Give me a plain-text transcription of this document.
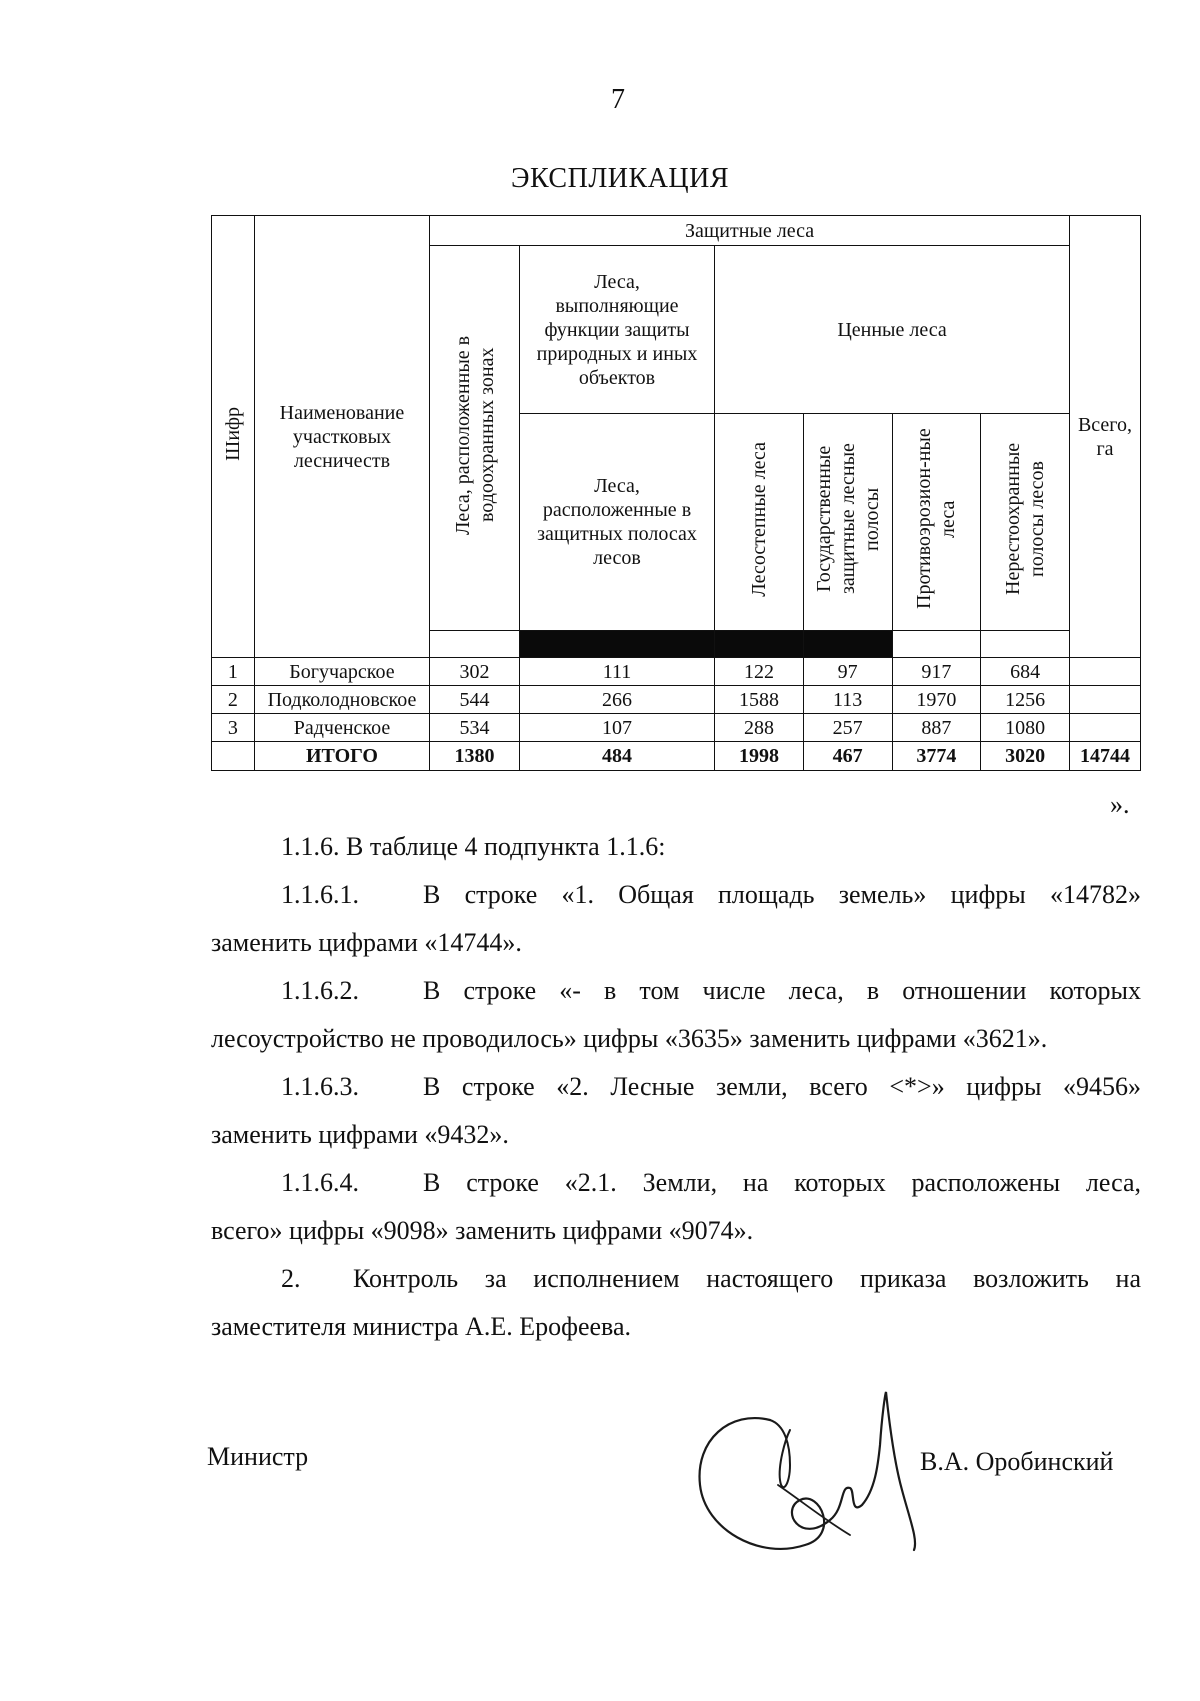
7
ЭКСПЛИКАЦИЯ
Шифр	Наименование участковых лесничеств	Защитные леса						Всего, га

		Леса, расположенные в водоохранных зонах	Леса, выполняющие функции защиты природных и иных объектов	Ценные леса				

			Леса, расположенные в защитных полосах лесов	Лесостепные леса	Государственные защитные лесные полосы	Противоэрозион-ные леса	Нерестоохранные полосы лесов	

1	Богучарское	302	111	122	97	917	684	
2	Подколодновское	544	266	1588	113	1970	1256	
3	Радченское	534	107	288	257	887	1080	
	ИТОГО	1380	484	1998	467	3774	3020	14744
».
1.1.6. В таблице 4 подпункта 1.1.6:
1.1.6.1. В строке «1. Общая площадь земель» цифры «14782»
заменить цифрами «14744».
1.1.6.2. В строке «- в том числе леса, в отношении которых
лесоустройство не проводилось» цифры «3635» заменить цифрами «3621».
1.1.6.3. В строке «2. Лесные земли, всего <*>» цифры «9456»
заменить цифрами «9432».
1.1.6.4. В строке «2.1. Земли, на которых расположены леса,
всего» цифры «9098» заменить цифрами «9074».
2. Контроль за исполнением настоящего приказа возложить на
заместителя министра А.Е. Ерофеева.
Министр	В.А. Оробинский
